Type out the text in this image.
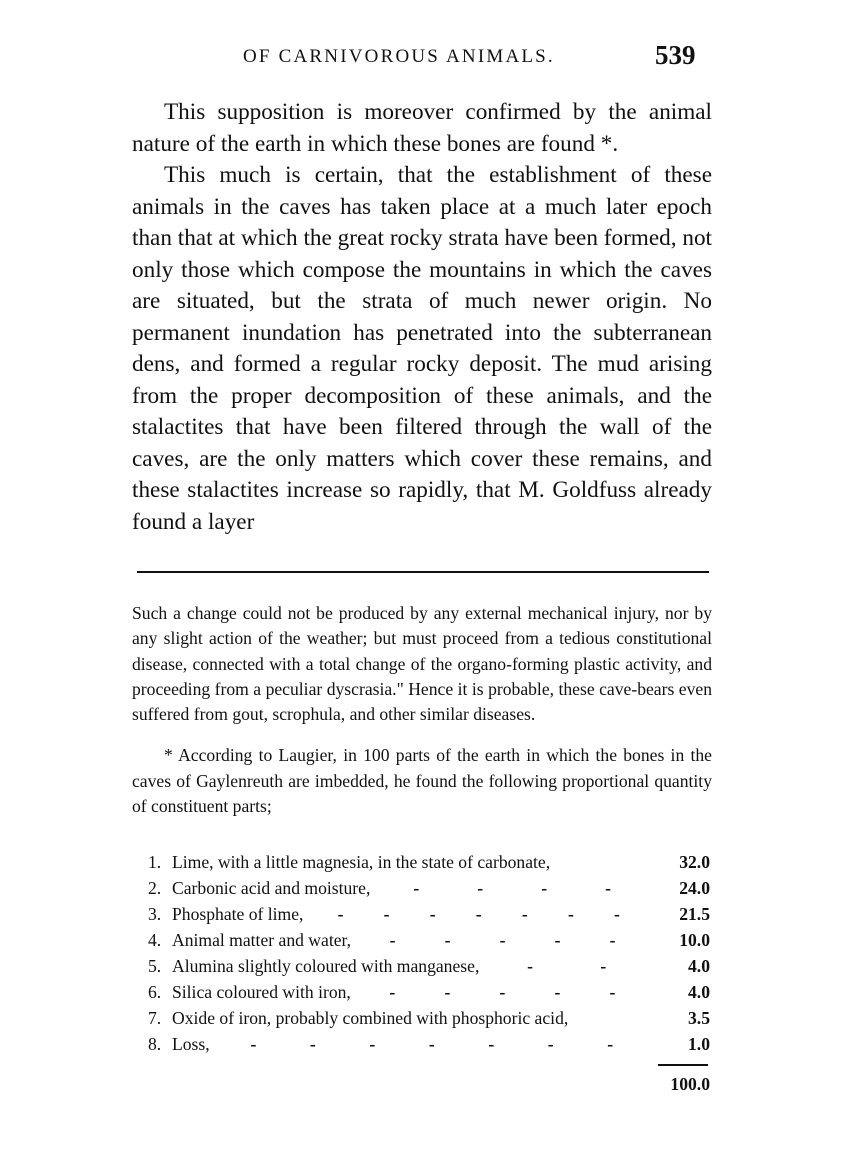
OF CARNIVOROUS ANIMALS.	539

This supposition is moreover confirmed by the animal nature of the earth in which these bones are found *.

This much is certain, that the establishment of these animals in the caves has taken place at a much later epoch than that at which the great rocky strata have been formed, not only those which compose the mountains in which the caves are situated, but the strata of much newer origin. No permanent inundation has penetrated into the subterranean dens, and formed a regular rocky deposit. The mud arising from the proper decomposition of these animals, and the stalactites that have been filtered through the wall of the caves, are the only matters which cover these remains, and these stalactites increase so rapidly, that M. Goldfuss already found a layer

Such a change could not be produced by any external mechanical injury, nor by any slight action of the weather; but must proceed from a tedious constitutional disease, connected with a total change of the organo-forming plastic activity, and proceeding from a peculiar dyscrasia." Hence it is probable, these cave-bears even suffered from gout, scrophula, and other similar diseases.

* According to Laugier, in 100 parts of the earth in which the bones in the caves of Gaylenreuth are imbedded, he found the following proportional quantity of constituent parts;

1. Lime, with a little magnesia, in the state of carbonate,	32.0
2. Carbonic acid and moisture, -	-	-	-	24.0
3. Phosphate of lime, - - - - - - -	21.5
4. Animal matter and water, -	-	-	-	-	10.0
5. Alumina slightly coloured with manganese,	-	-	4.0
6. Silica coloured with iron, -	-	-	-	-	4.0
7. Oxide of iron, probably combined with phosphoric acid,	3.5
8. Loss, -	-	-	-	-	-	-	1.0
100.0
